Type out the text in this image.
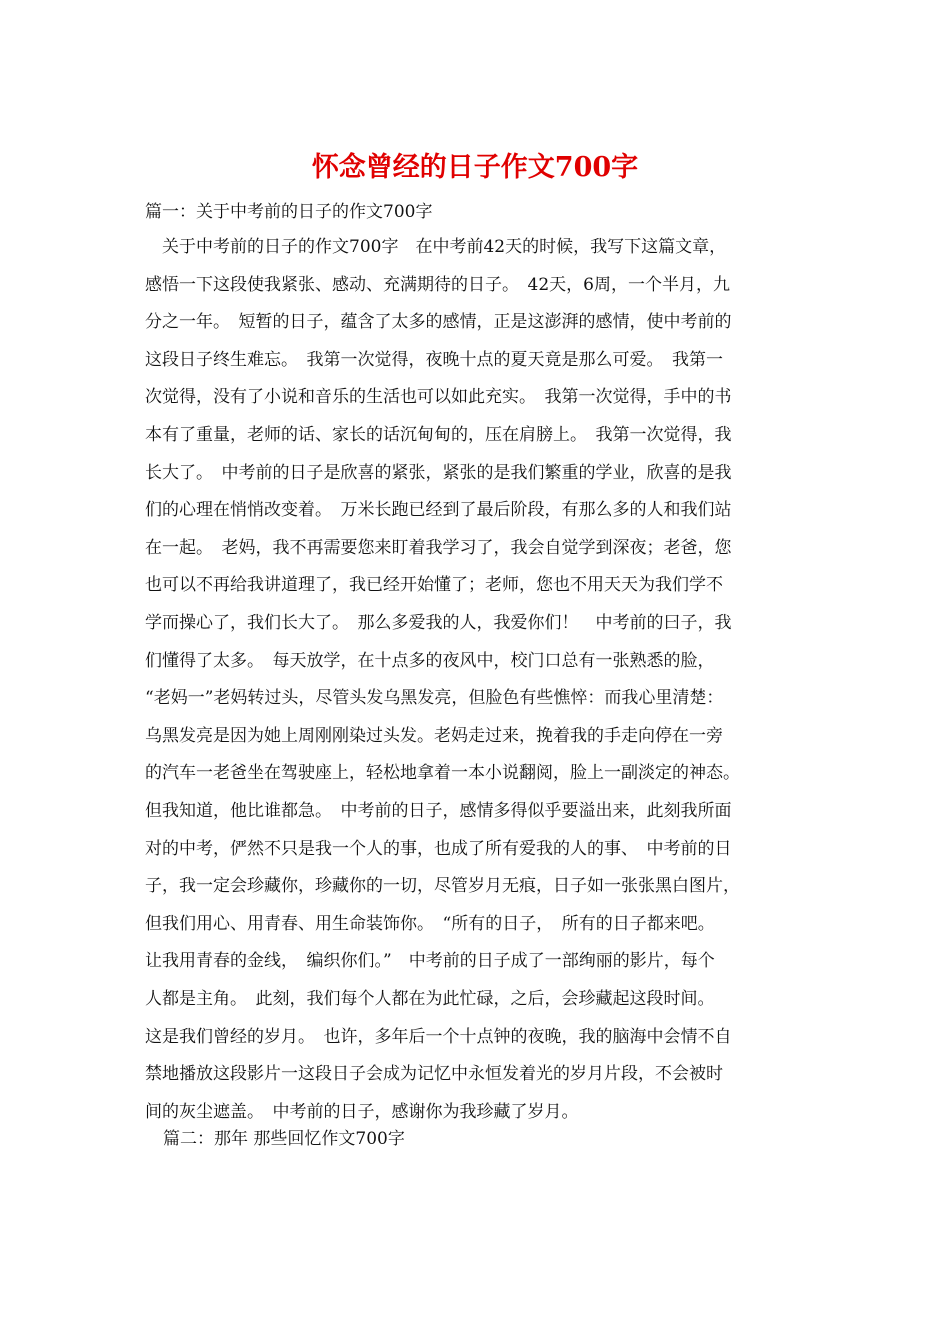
怀念曾经的日子作文700字
篇一：关于中考前的日子的作文700字
　关于中考前的日子的作文700字　在中考前42天的时候，我写下这篇文章，
感悟一下这段使我紧张、感动、充满期待的日子。　42天，6周，一个半月，九
分之一年。　短暂的日子，蕴含了太多的感情，正是这澎湃的感情，使中考前的
这段日子终生难忘。　我第一次觉得，夜晚十点的夏天竟是那么可爱。　我第一
次觉得，没有了小说和音乐的生活也可以如此充实。　我第一次觉得，手中的书
本有了重量，老师的话、家长的话沉甸甸的，压在肩膀上。　我第一次觉得，我
长大了。　中考前的日子是欣喜的紧张，紧张的是我们繁重的学业，欣喜的是我
们的心理在悄悄改变着。　万米长跑已经到了最后阶段，有那么多的人和我们站
在一起。　老妈，我不再需要您来盯着我学习了，我会自觉学到深夜；老爸，您
也可以不再给我讲道理了，我已经开始懂了；老师，您也不用天天为我们学不
学而操心了，我们长大了。　那么多爱我的人，我爱你们！　中考前的曰子，我
们懂得了太多。　每天放学，在十点多的夜风中，校门口总有一张熟悉的脸，
“老妈一”老妈转过头，尽管头发乌黑发亮，但脸色有些憔悴：而我心里清楚：
乌黑发亮是因为她上周刚刚染过头发。老妈走过来，挽着我的手走向停在一旁
的汽车一老爸坐在驾驶座上，轻松地拿着一本小说翻阅，脸上一副淡定的神态。
但我知道，他比谁都急。　中考前的日子，感情多得似乎要溢出来，此刻我所面
对的中考，俨然不只是我一个人的事，也成了所有爱我的人的事、　中考前的日
子，我一定会珍藏你，珍藏你的一切，尽管岁月无痕，日子如一张张黑白图片，
但我们用心、用青春、用生命装饰你。　“所有的日子，　所有的日子都来吧。
让我用青春的金线，　编织你们。”　中考前的日子成了一部绚丽的影片，每个
人都是主角。　此刻，我们每个人都在为此忙碌，之后，会珍藏起这段时间。
这是我们曾经的岁月。　也许，多年后一个十点钟的夜晚，我的脑海中会情不自
禁地播放这段影片一这段日子会成为记忆中永恒发着光的岁月片段，不会被时
间的灰尘遮盖。　中考前的日子，感谢你为我珍藏了岁月。
篇二：那年 那些回忆作文700字
